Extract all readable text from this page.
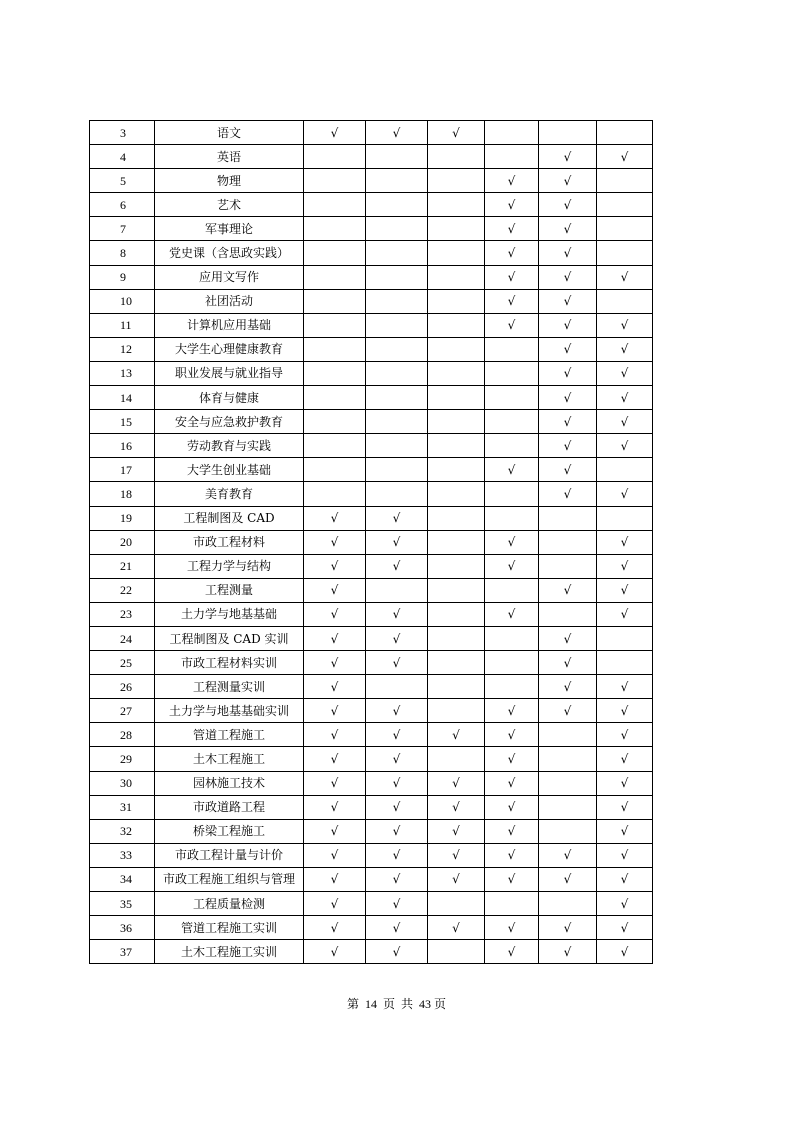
3	语文	√	√	√			
4	英语					√	√
5	物理				√	√	
6	艺术				√	√	
7	军事理论				√	√	
8	党史课（含思政实践）				√	√	
9	应用文写作				√	√	√
10	社团活动				√	√	
11	计算机应用基础				√	√	√
12	大学生心理健康教育					√	√
13	职业发展与就业指导					√	√
14	体育与健康					√	√
15	安全与应急救护教育					√	√
16	劳动教育与实践					√	√
17	大学生创业基础				√	√	
18	美育教育					√	√
19	工程制图及 CAD	√	√				
20	市政工程材料	√	√		√		√
21	工程力学与结构	√	√		√		√
22	工程测量	√				√	√
23	土力学与地基基础	√	√		√		√
24	工程制图及 CAD 实训	√	√			√	
25	市政工程材料实训	√	√			√	
26	工程测量实训	√				√	√
27	土力学与地基基础实训	√	√		√	√	√
28	管道工程施工	√	√	√	√		√
29	土木工程施工	√	√		√		√
30	园林施工技术	√	√	√	√		√
31	市政道路工程	√	√	√	√		√
32	桥梁工程施工	√	√	√	√		√
33	市政工程计量与计价	√	√	√	√	√	√
34	市政工程施工组织与管理	√	√	√	√	√	√
35	工程质量检测	√	√				√
36	管道工程施工实训	√	√	√	√	√	√
37	土木工程施工实训	√	√		√	√	√
第  14  页  共  43 页
